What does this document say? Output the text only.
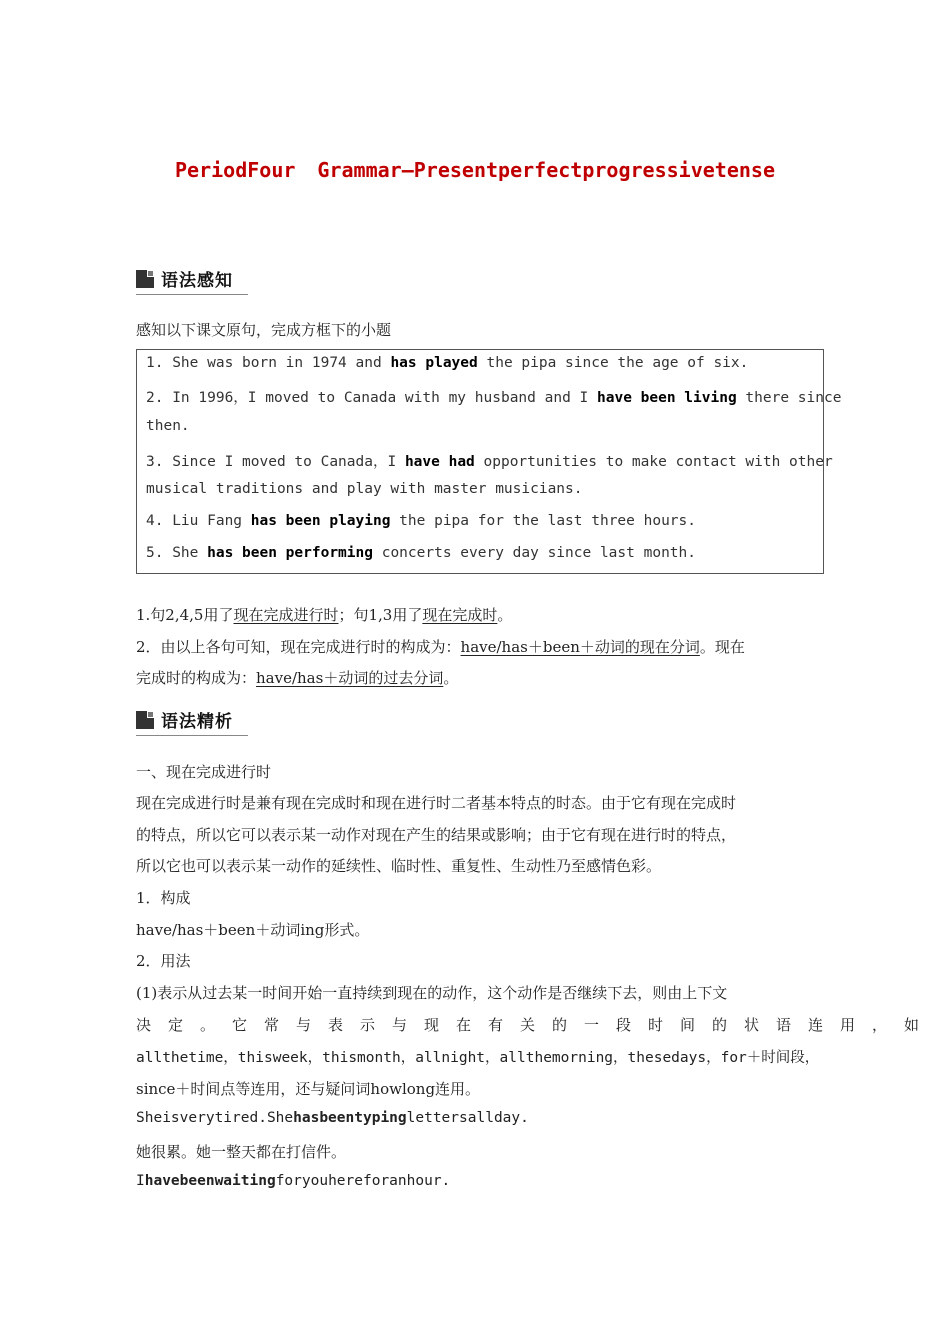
PeriodFour Grammar—Presentperfectprogressivetense
语法感知
感知以下课文原句，完成方框下的小题
1. She was born in 1974 and has played the pipa since the age of six.
2. In 1996，I moved to Canada with my husband and I have been living there since
then.
3. Since I moved to Canada，I have had opportunities to make contact with other
musical traditions and play with master musicians.
4. Liu Fang has been playing the pipa for the last three hours.
5. She has been performing concerts every day since last month.
1.句2,4,5用了现在完成进行时；句1,3用了现在完成时。
2．由以上各句可知，现在完成进行时的构成为：have/has＋been＋动词的现在分词。现在
完成时的构成为：have/has＋动词的过去分词。
语法精析
一、现在完成进行时
现在完成进行时是兼有现在完成时和现在进行时二者基本特点的时态。由于它有现在完成时
的特点，所以它可以表示某一动作对现在产生的结果或影响；由于它有现在进行时的特点，
所以它也可以表示某一动作的延续性、临时性、重复性、生动性乃至感情色彩。
1．构成
have/has＋been＋动词ing形式。
2．用法
(1)表示从过去某一时间开始一直持续到现在的动作，这个动作是否继续下去，则由上下文
决定。它常与表示与现在有关的一段时间的状语连用，如
allthetime，thisweek，thismonth，allnight，allthemorning，thesedays，for＋时间段，
since＋时间点等连用，还与疑问词howlong连用。
Sheisverytired.Shehasbeentypinglettersallday.
她很累。她一整天都在打信件。
Ihavebeenwaitingforyouhereforanhour.
